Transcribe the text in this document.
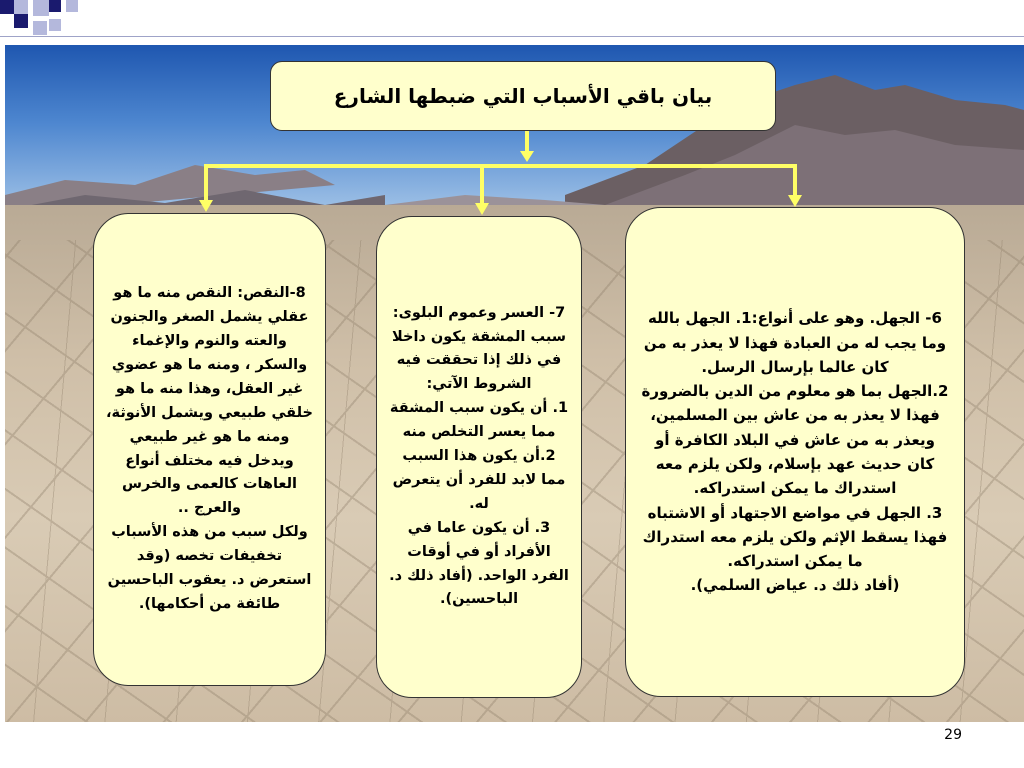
بيان باقي الأسباب التي ضبطها الشارع

6- الجهل. وهو على أنواع:1. الجهل بالله وما يجب له من العبادة فهذا لا يعذر به من كان عالما بإرسال الرسل.

2.الجهل بما هو معلوم من الدين بالضرورة فهذا لا يعذر به من عاش بين المسلمين، ويعذر به من عاش في البلاد الكافرة أو كان حديث عهد بإسلام، ولكن يلزم معه استدراك ما يمكن استدراكه.

3. الجهل في مواضع الاجتهاد أو الاشتباه فهذا يسقط الإثم ولكن يلزم معه استدراك ما يمكن استدراكه.

(أفاد ذلك د. عياض السلمي).

7- العسر وعموم البلوى: سبب المشقة يكون داخلا في ذلك إذا تحققت فيه الشروط الآتي:

1. أن يكون سبب المشقة مما يعسر التخلص منه

2.أن يكون هذا السبب مما لابد للفرد أن يتعرض له.

3. أن يكون عاما في الأفراد أو في أوقات الفرد الواحد. (أفاد ذلك د. الباحسين).

8-النقص: النقص منه ما هو عقلي يشمل الصغر والجنون والعته والنوم والإغماء والسكر ، ومنه ما هو عضوي غير العقل، وهذا منه ما هو خلقي طبيعي ويشمل الأنوثة، ومنه ما هو غير طبيعي ويدخل فيه مختلف أنواع العاهات كالعمى والخرس والعرج ..

ولكل سبب من هذه الأسباب تخفيفات تخصه (وقد استعرض د. يعقوب الباحسين طائفة من أحكامها).

29
